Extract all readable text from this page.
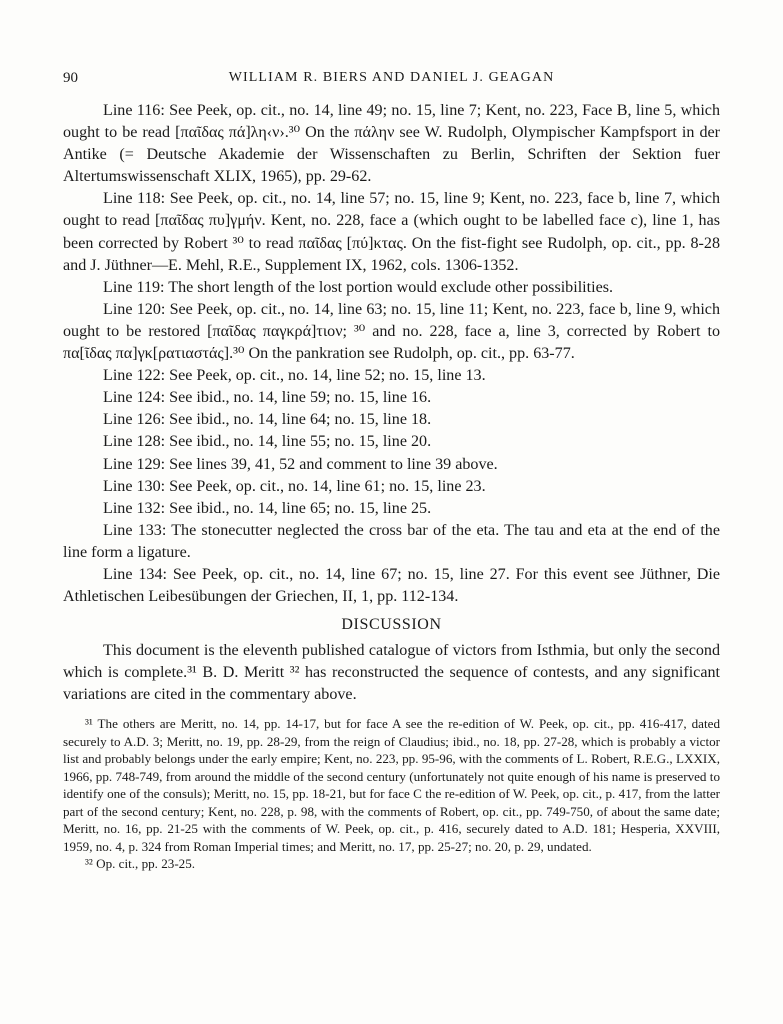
90	WILLIAM R. BIERS AND DANIEL J. GEAGAN

Line 116: See Peek, op. cit., no. 14, line 49; no. 15, line 7; Kent, no. 223, Face B, line 5, which ought to be read [παῖδας πά]λη‹ν›.³⁰ On the πάλην see W. Rudolph, Olympischer Kampfsport in der Antike (= Deutsche Akademie der Wissenschaften zu Berlin, Schriften der Sektion fuer Altertumswissenschaft XLIX, 1965), pp. 29-62.

Line 118: See Peek, op. cit., no. 14, line 57; no. 15, line 9; Kent, no. 223, face b, line 7, which ought to read [παῖδας πυ]γμήν. Kent, no. 228, face a (which ought to be labelled face c), line 1, has been corrected by Robert ³⁰ to read παῖδας [πύ]κτας. On the fist-fight see Rudolph, op. cit., pp. 8-28 and J. Jüthner—E. Mehl, R.E., Supplement IX, 1962, cols. 1306-1352.

Line 119: The short length of the lost portion would exclude other possibilities.

Line 120: See Peek, op. cit., no. 14, line 63; no. 15, line 11; Kent, no. 223, face b, line 9, which ought to be restored [παῖδας παγκρά]τιον; ³⁰ and no. 228, face a, line 3, corrected by Robert to πα[ῖδας πα]γκ[ρατιαστάς].³⁰ On the pankration see Rudolph, op. cit., pp. 63-77.

Line 122: See Peek, op. cit., no. 14, line 52; no. 15, line 13.

Line 124: See ibid., no. 14, line 59; no. 15, line 16.

Line 126: See ibid., no. 14, line 64; no. 15, line 18.

Line 128: See ibid., no. 14, line 55; no. 15, line 20.

Line 129: See lines 39, 41, 52 and comment to line 39 above.

Line 130: See Peek, op. cit., no. 14, line 61; no. 15, line 23.

Line 132: See ibid., no. 14, line 65; no. 15, line 25.

Line 133: The stonecutter neglected the cross bar of the eta. The tau and eta at the end of the line form a ligature.

Line 134: See Peek, op. cit., no. 14, line 67; no. 15, line 27. For this event see Jüthner, Die Athletischen Leibesübungen der Griechen, II, 1, pp. 112-134.

DISCUSSION

This document is the eleventh published catalogue of victors from Isthmia, but only the second which is complete.³¹ B. D. Meritt ³² has reconstructed the sequence of contests, and any significant variations are cited in the commentary above.

³¹ The others are Meritt, no. 14, pp. 14-17, but for face A see the re-edition of W. Peek, op. cit., pp. 416-417, dated securely to A.D. 3; Meritt, no. 19, pp. 28-29, from the reign of Claudius; ibid., no. 18, pp. 27-28, which is probably a victor list and probably belongs under the early empire; Kent, no. 223, pp. 95-96, with the comments of L. Robert, R.E.G., LXXIX, 1966, pp. 748-749, from around the middle of the second century (unfortunately not quite enough of his name is preserved to identify one of the consuls); Meritt, no. 15, pp. 18-21, but for face C the re-edition of W. Peek, op. cit., p. 417, from the latter part of the second century; Kent, no. 228, p. 98, with the comments of Robert, op. cit., pp. 749-750, of about the same date; Meritt, no. 16, pp. 21-25 with the comments of W. Peek, op. cit., p. 416, securely dated to A.D. 181; Hesperia, XXVIII, 1959, no. 4, p. 324 from Roman Imperial times; and Meritt, no. 17, pp. 25-27; no. 20, p. 29, undated.

³² Op. cit., pp. 23-25.
